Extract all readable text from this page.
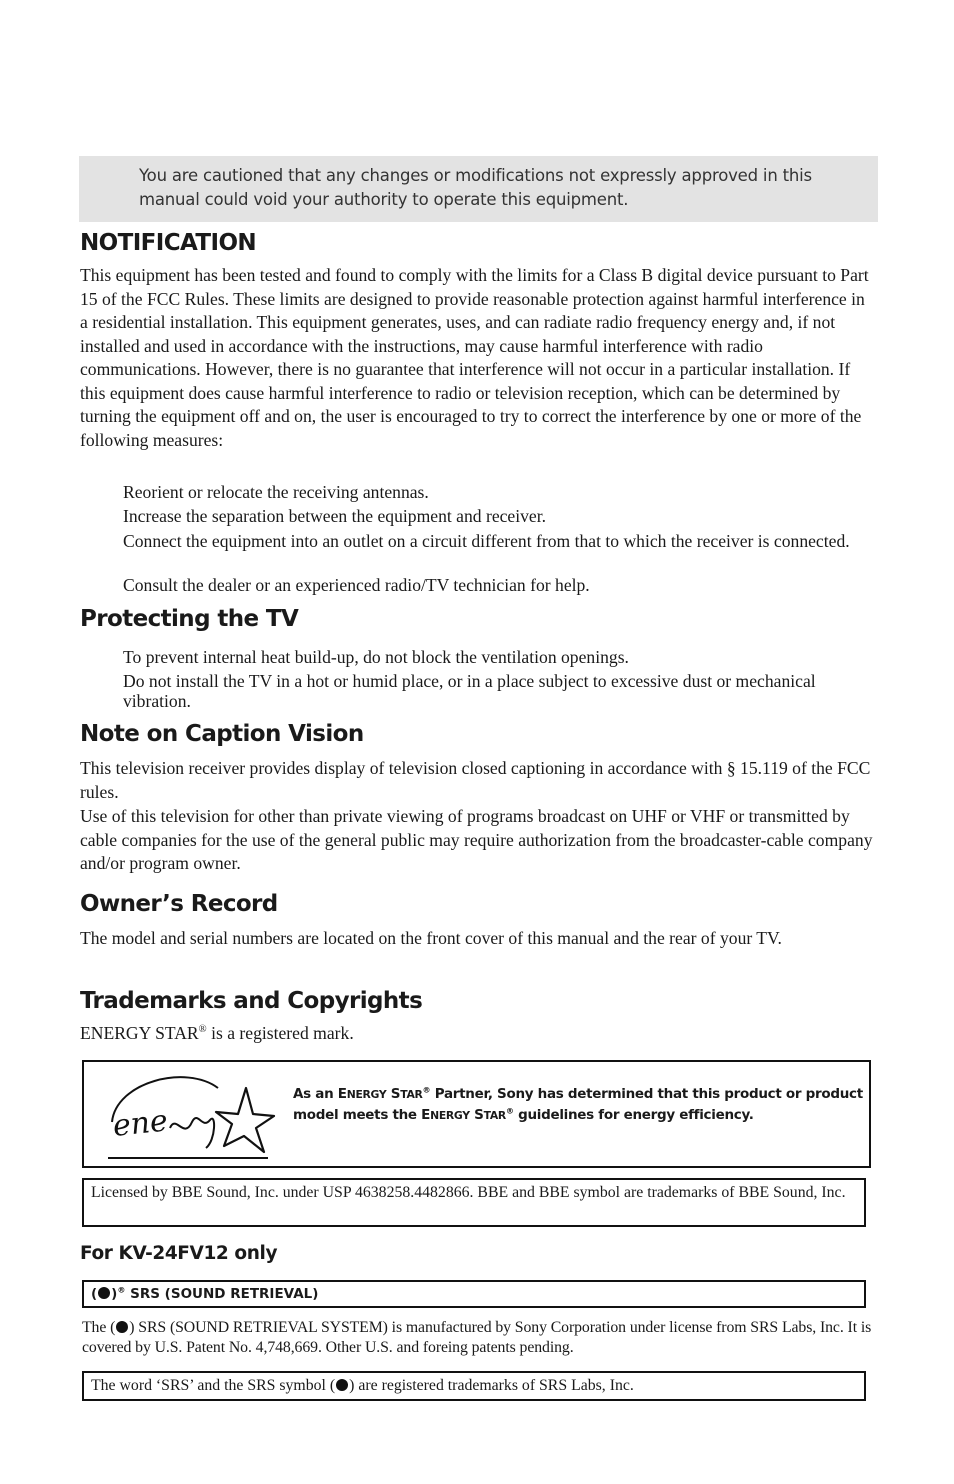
You are cautioned that any changes or modifications not expressly approved in this manual could void your authority to operate this equipment.
NOTIFICATION

This equipment has been tested and found to comply with the limits for a Class B digital device pursuant to Part 15 of the FCC Rules. These limits are designed to provide reasonable protection against harmful interference in a residential installation. This equipment generates, uses, and can radiate radio frequency energy and, if not installed and used in accordance with the instructions, may cause harmful interference with radio communications. However, there is no guarantee that interference will not occur in a particular installation. If this equipment does cause harmful interference to radio or television reception, which can be determined by turning the equipment off and on, the user is encouraged to try to correct the interference by one or more of the following measures:

Reorient or relocate the receiving antennas.

Increase the separation between the equipment and receiver.

Connect the equipment into an outlet on a circuit different from that to which the receiver is connected.

Consult the dealer or an experienced radio/TV technician for help.

Protecting the TV

To prevent internal heat build-up, do not block the ventilation openings.

Do not install the TV in a hot or humid place, or in a place subject to excessive dust or mechanical vibration.

Note on Caption Vision

This television receiver provides display of television closed captioning in accordance with § 15.119 of the FCC rules.

Use of this television for other than private viewing of programs broadcast on UHF or VHF or transmitted by cable companies for the use of the general public may require authorization from the broadcaster-cable company and/or program owner.

Owner’s Record

The model and serial numbers are located on the front cover of this manual and the rear of your TV.

Trademarks and Copyrights

ENERGY STAR® is a registered mark.

ene
As an ENERGY STAR® Partner, Sony has determined that this product or product
model meets the ENERGY STAR® guidelines for energy efficiency.
Licensed by BBE Sound, Inc. under USP 4638258.4482866. BBE and BBE symbol are trademarks of BBE Sound, Inc.
For KV-24FV12 only
( )® SRS (SOUND RETRIEVAL)
The ( ) SRS (SOUND RETRIEVAL SYSTEM) is manufactured by Sony Corporation under license from SRS Labs, Inc. It is covered by U.S. Patent No. 4,748,669. Other U.S. and foreing patents pending.
The word ‘SRS’ and the SRS symbol ( ) are registered trademarks of SRS Labs, Inc.
